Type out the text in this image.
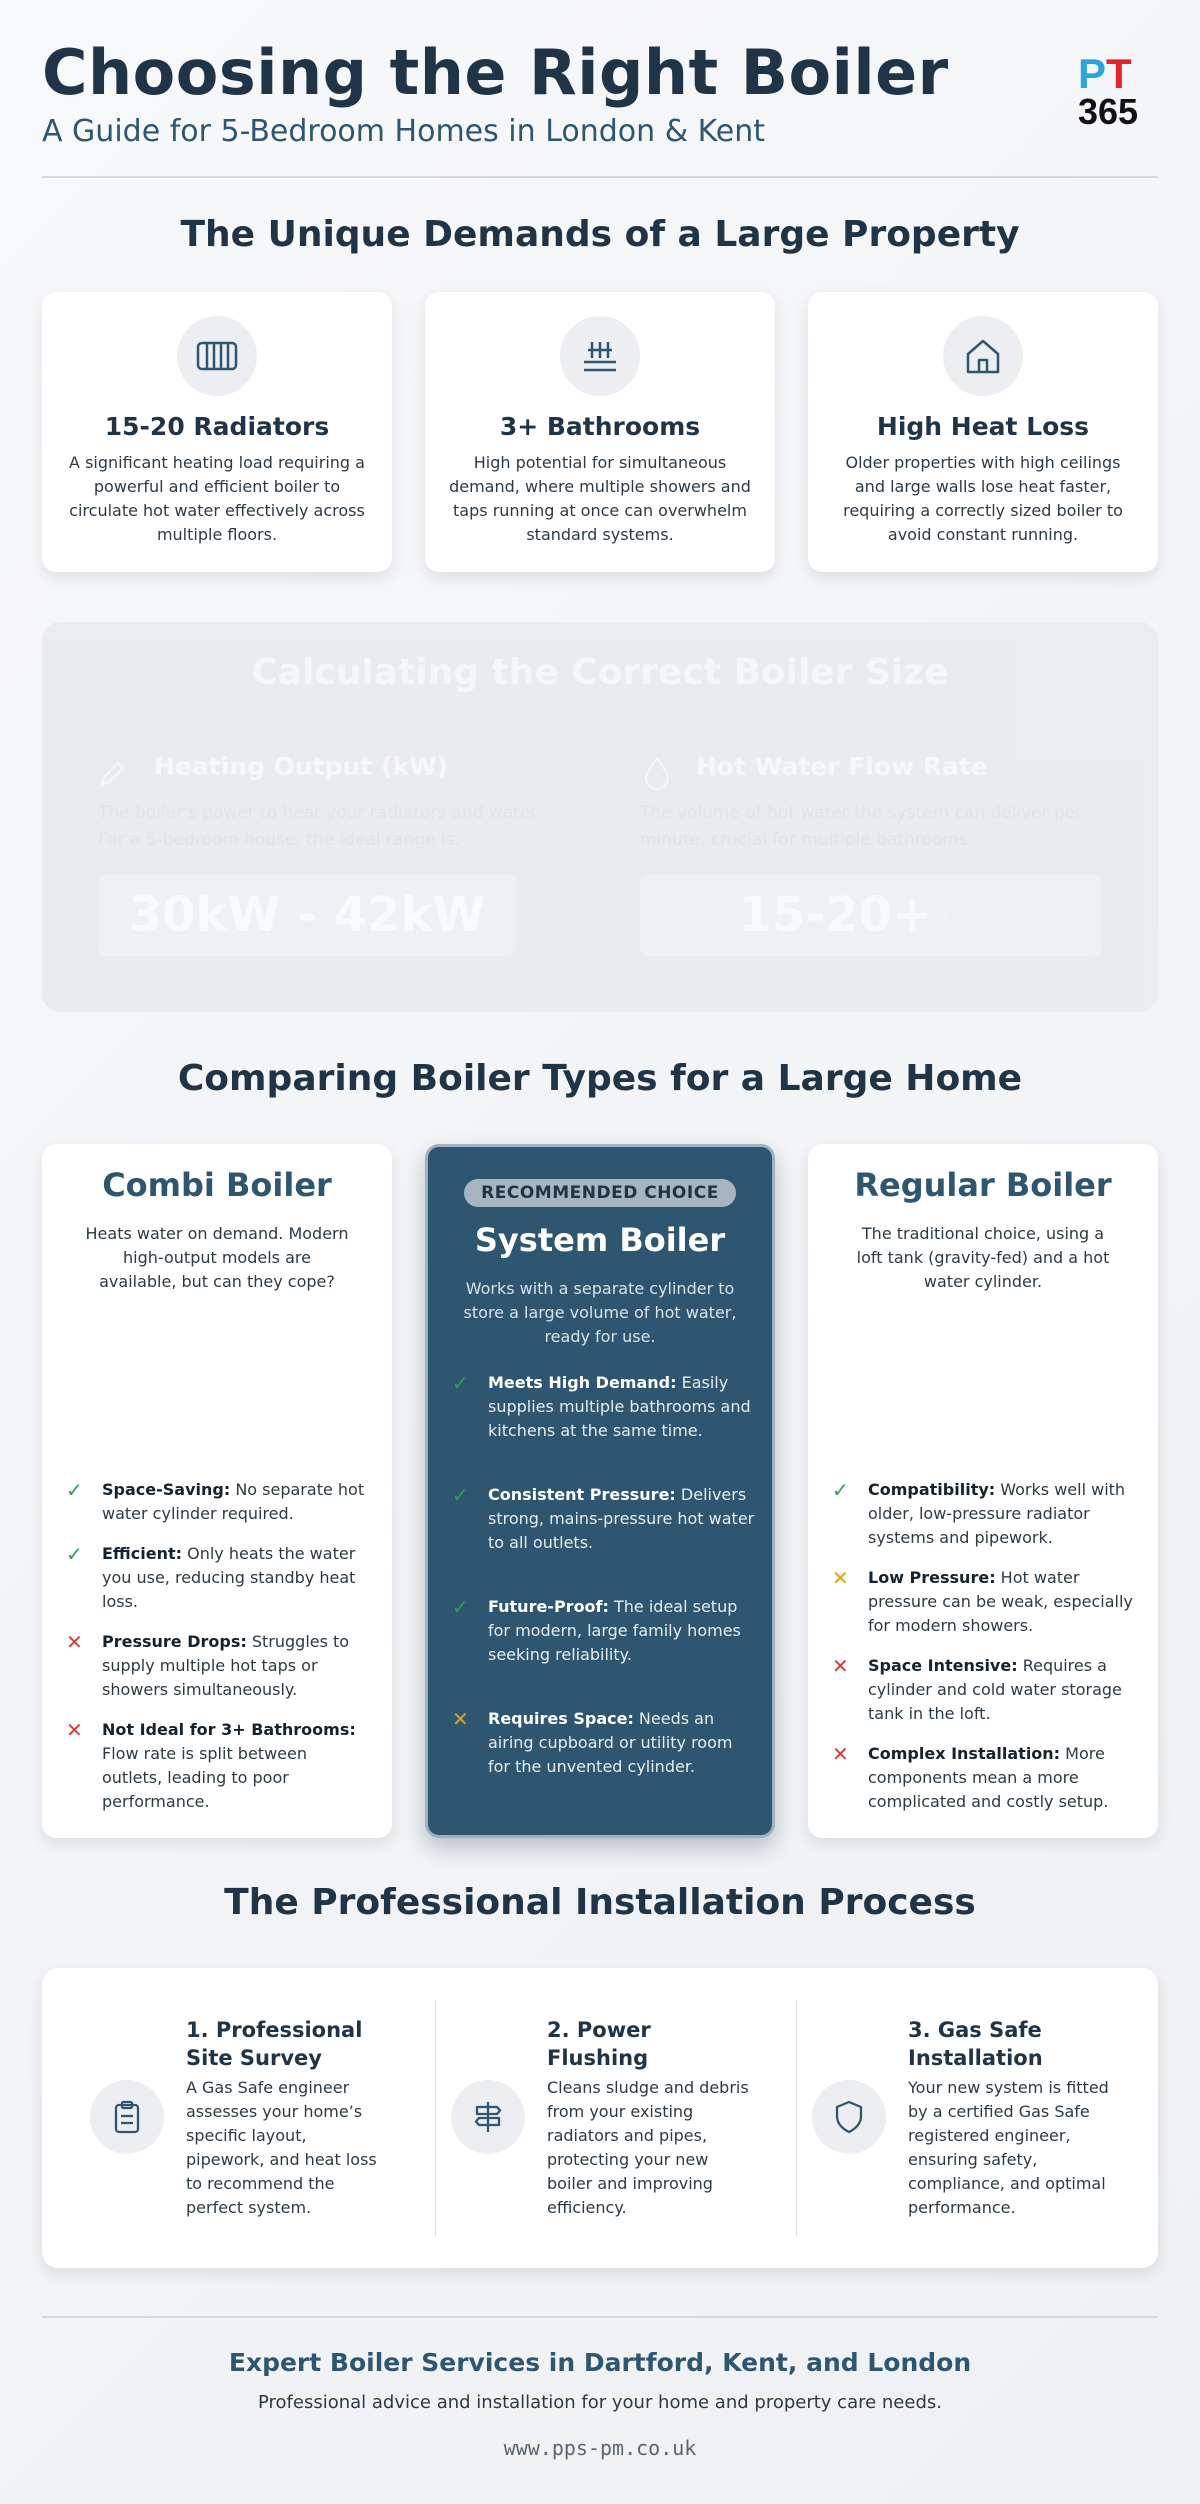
Choosing the Right Boiler
A Guide for 5-Bedroom Homes in London & Kent
P T
365
The Unique Demands of a Large Property
15-20 Radiators
A significant heating load requiring a powerful and efficient boiler to circulate hot water effectively across multiple floors.
3+ Bathrooms
High potential for simultaneous demand, where multiple showers and taps running at once can overwhelm standard systems.
High Heat Loss
Older properties with high ceilings and large walls lose heat faster, requiring a correctly sized boiler to avoid constant running.
Calculating the Correct Boiler Size
Heating Output (kW)
The boiler's power to heat your radiators and water. For a 5-bedroom house, the ideal range is:
30kW - 42kW
Hot Water Flow Rate
The volume of hot water the system can deliver per minute, crucial for multiple bathrooms:
15-20+ L/min
Comparing Boiler Types for a Large Home
Combi Boiler
Heats water on demand. Modern high-output models are available, but can they cope?
✓ Space-Saving: No separate hot water cylinder required.
✓ Efficient: Only heats the water you use, reducing standby heat loss.
✕ Pressure Drops: Struggles to supply multiple hot taps or showers simultaneously.
✕ Not Ideal for 3+ Bathrooms: Flow rate is split between outlets, leading to poor performance.
RECOMMENDED CHOICE
System Boiler
Works with a separate cylinder to store a large volume of hot water, ready for use.
✓ Meets High Demand: Easily supplies multiple bathrooms and kitchens at the same time.
✓ Consistent Pressure: Delivers strong, mains-pressure hot water to all outlets.
✓ Future-Proof: The ideal setup for modern, large family homes seeking reliability.
✕ Requires Space: Needs an airing cupboard or utility room for the unvented cylinder.
Regular Boiler
The traditional choice, using a loft tank (gravity-fed) and a hot water cylinder.
✓ Compatibility: Works well with older, low-pressure radiator systems and pipework.
✕ Low Pressure: Hot water pressure can be weak, especially for modern showers.
✕ Space Intensive: Requires a cylinder and cold water storage tank in the loft.
✕ Complex Installation: More components mean a more complicated and costly setup.
The Professional Installation Process
1. Professional Site Survey
A Gas Safe engineer assesses your home’s specific layout, pipework, and heat loss to recommend the perfect system.
2. Power Flushing
Cleans sludge and debris from your existing radiators and pipes, protecting your new boiler and improving efficiency.
3. Gas Safe Installation
Your new system is fitted by a certified Gas Safe registered engineer, ensuring safety, compliance, and optimal performance.
Expert Boiler Services in Dartford, Kent, and London
Professional advice and installation for your home and property care needs.
www.pps-pm.co.uk
